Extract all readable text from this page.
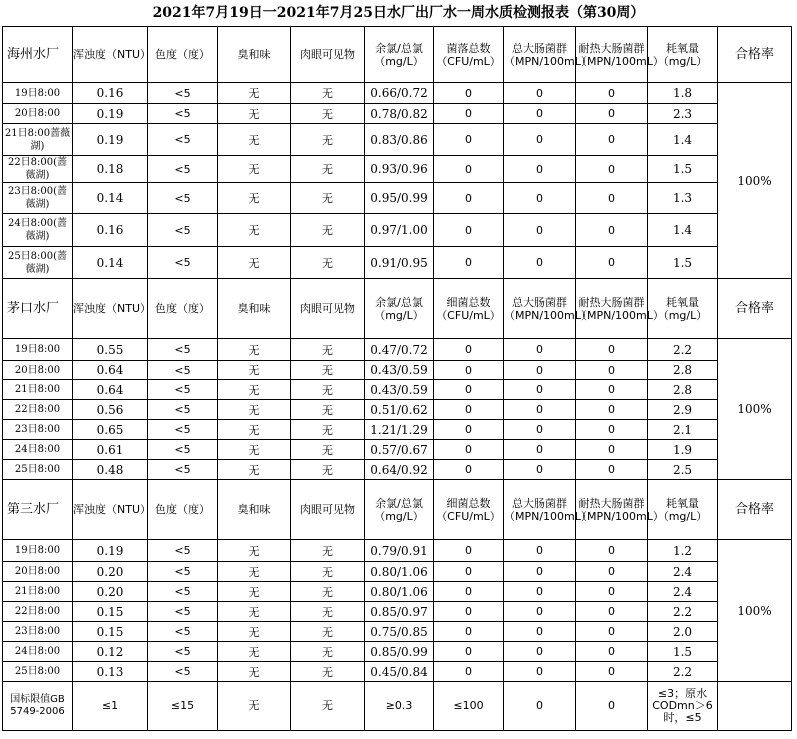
2021年7月19日一2021年7月25日水厂出厂水一周水质检测报表（第30周）
海州水厂	浑浊度（NTU）	色度（度）	臭和味	肉眼可见物	余氯/总氯（mg/L）	菌落总数（CFU/mL）	总大肠菌群（MPN/100mL）	耐热大肠菌群（MPN/100mL）	耗氧量（mg/L）	合格率
19日8:00	0.16	<5	无	无	0.66/0.72	0	0	0	1.8	100%
20日8:00	0.19	<5	无	无	0.78/0.82	0	0	0	2.3	
21日8:00蔷薇湖)	0.19	<5	无	无	0.83/0.86	0	0	0	1.4	
22日8:00(蔷薇湖)	0.18	<5	无	无	0.93/0.96	0	0	0	1.5	
23日8:00(蔷薇湖)	0.14	<5	无	无	0.95/0.99	0	0	0	1.3	
24日8:00(蔷薇湖)	0.16	<5	无	无	0.97/1.00	0	0	0	1.4	
25日8:00(蔷薇湖)	0.14	<5	无	无	0.91/0.95	0	0	0	1.5	
茅口水厂	浑浊度（NTU）	色度（度）	臭和味	肉眼可见物	余氯/总氯（mg/L）	细菌总数（CFU/mL）	总大肠菌群（MPN/100mL）	耐热大肠菌群（MPN/100mL）	耗氧量（mg/L）	合格率
19日8:00	0.55	<5	无	无	0.47/0.72	0	0	0	2.2	100%
20日8:00	0.64	<5	无	无	0.43/0.59	0	0	0	2.8	
21日8:00	0.64	<5	无	无	0.43/0.59	0	0	0	2.8	
22日8:00	0.56	<5	无	无	0.51/0.62	0	0	0	2.9	
23日8:00	0.65	<5	无	无	1.21/1.29	0	0	0	2.1	
24日8:00	0.61	<5	无	无	0.57/0.67	0	0	0	1.9	
25日8:00	0.48	<5	无	无	0.64/0.92	0	0	0	2.5	
第三水厂	浑浊度（NTU）	色度（度）	臭和味	肉眼可见物	余氯/总氯（mg/L）	细菌总数（CFU/mL）	总大肠菌群（MPN/100mL）	耐热大肠菌群（MPN/100mL）	耗氧量（mg/L）	合格率
19日8:00	0.19	<5	无	无	0.79/0.91	0	0	0	1.2	100%
20日8:00	0.20	<5	无	无	0.80/1.06	0	0	0	2.4	
21日8:00	0.20	<5	无	无	0.80/1.06	0	0	0	2.4	
22日8:00	0.15	<5	无	无	0.85/0.97	0	0	0	2.2	
23日8:00	0.15	<5	无	无	0.75/0.85	0	0	0	2.0	
24日8:00	0.12	<5	无	无	0.85/0.99	0	0	0	1.5	
25日8:00	0.13	<5	无	无	0.45/0.84	0	0	0	2.2	
国标限值GB 5749-2006	≤1	≤15	无	无	≥0.3	≤100	0	0	≤3；原水CODmn＞6时，≤5	
